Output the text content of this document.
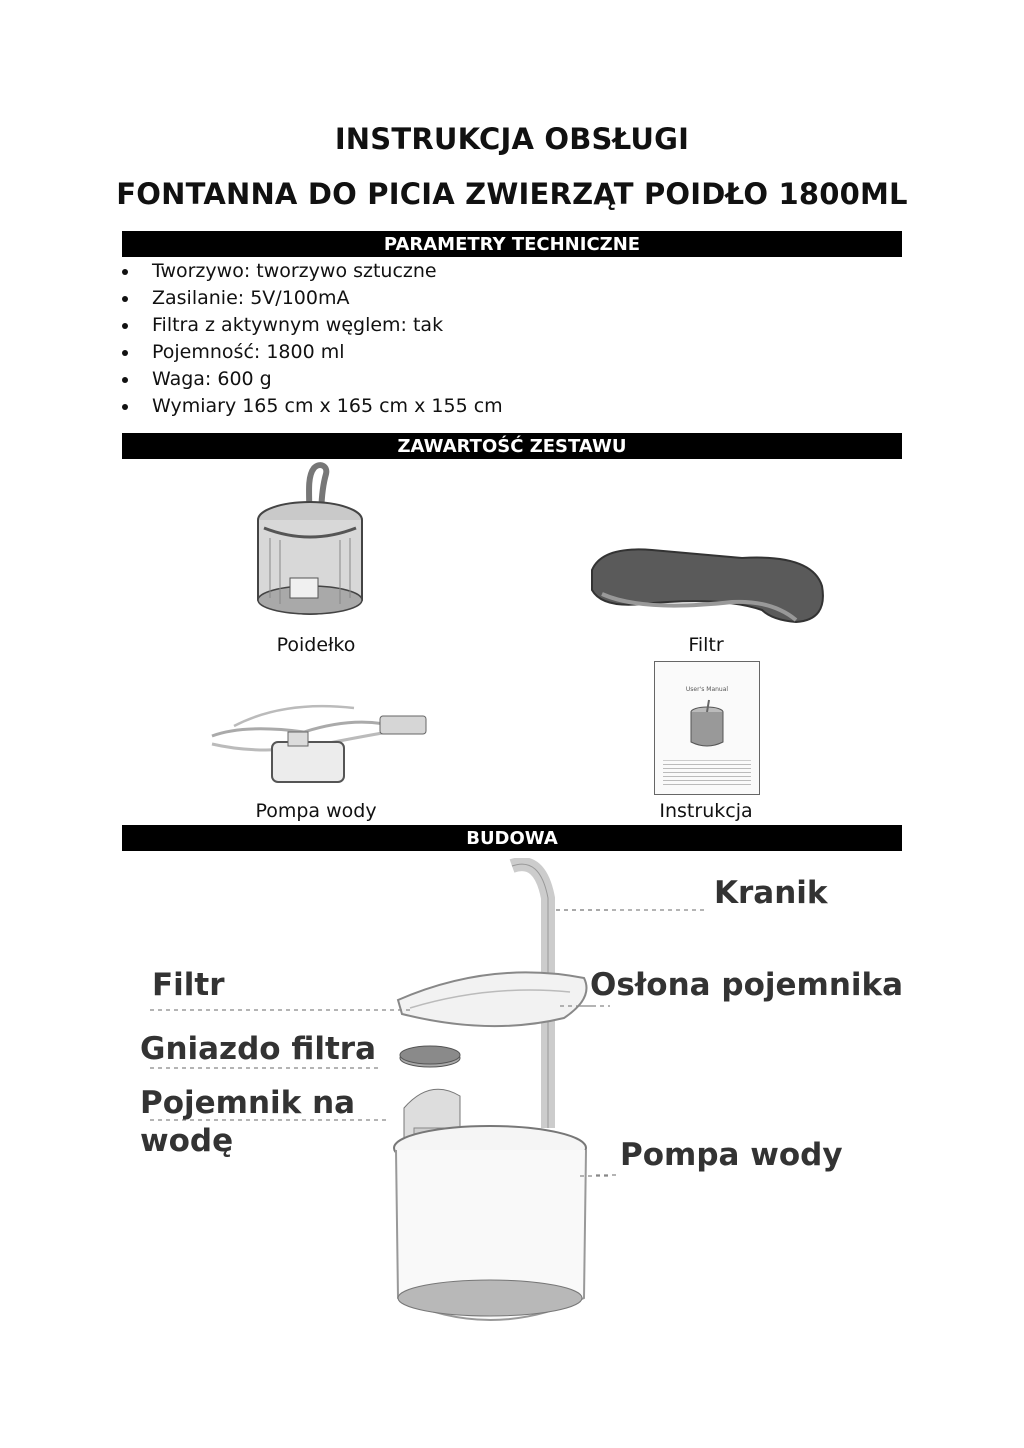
INSTRUKCJA OBSŁUGI
FONTANNA DO PICIA ZWIERZĄT POIDŁO 1800ML
PARAMETRY TECHNICZNE
Tworzywo: tworzywo sztuczne
Zasilanie: 5V/100mA
Filtra z aktywnym węglem: tak
Pojemność: 1800 ml
Waga: 600 g
Wymiary 165 cm x 165 cm x 155 cm
ZAWARTOŚĆ ZESTAWU
Poidełko	Filtr
Pompa wody
User's Manual
Instrukcja
BUDOWA
Kranik
Filtr	Osłona pojemnika
Gniazdo filtra
Pojemnik na
wodę	Pompa wody
